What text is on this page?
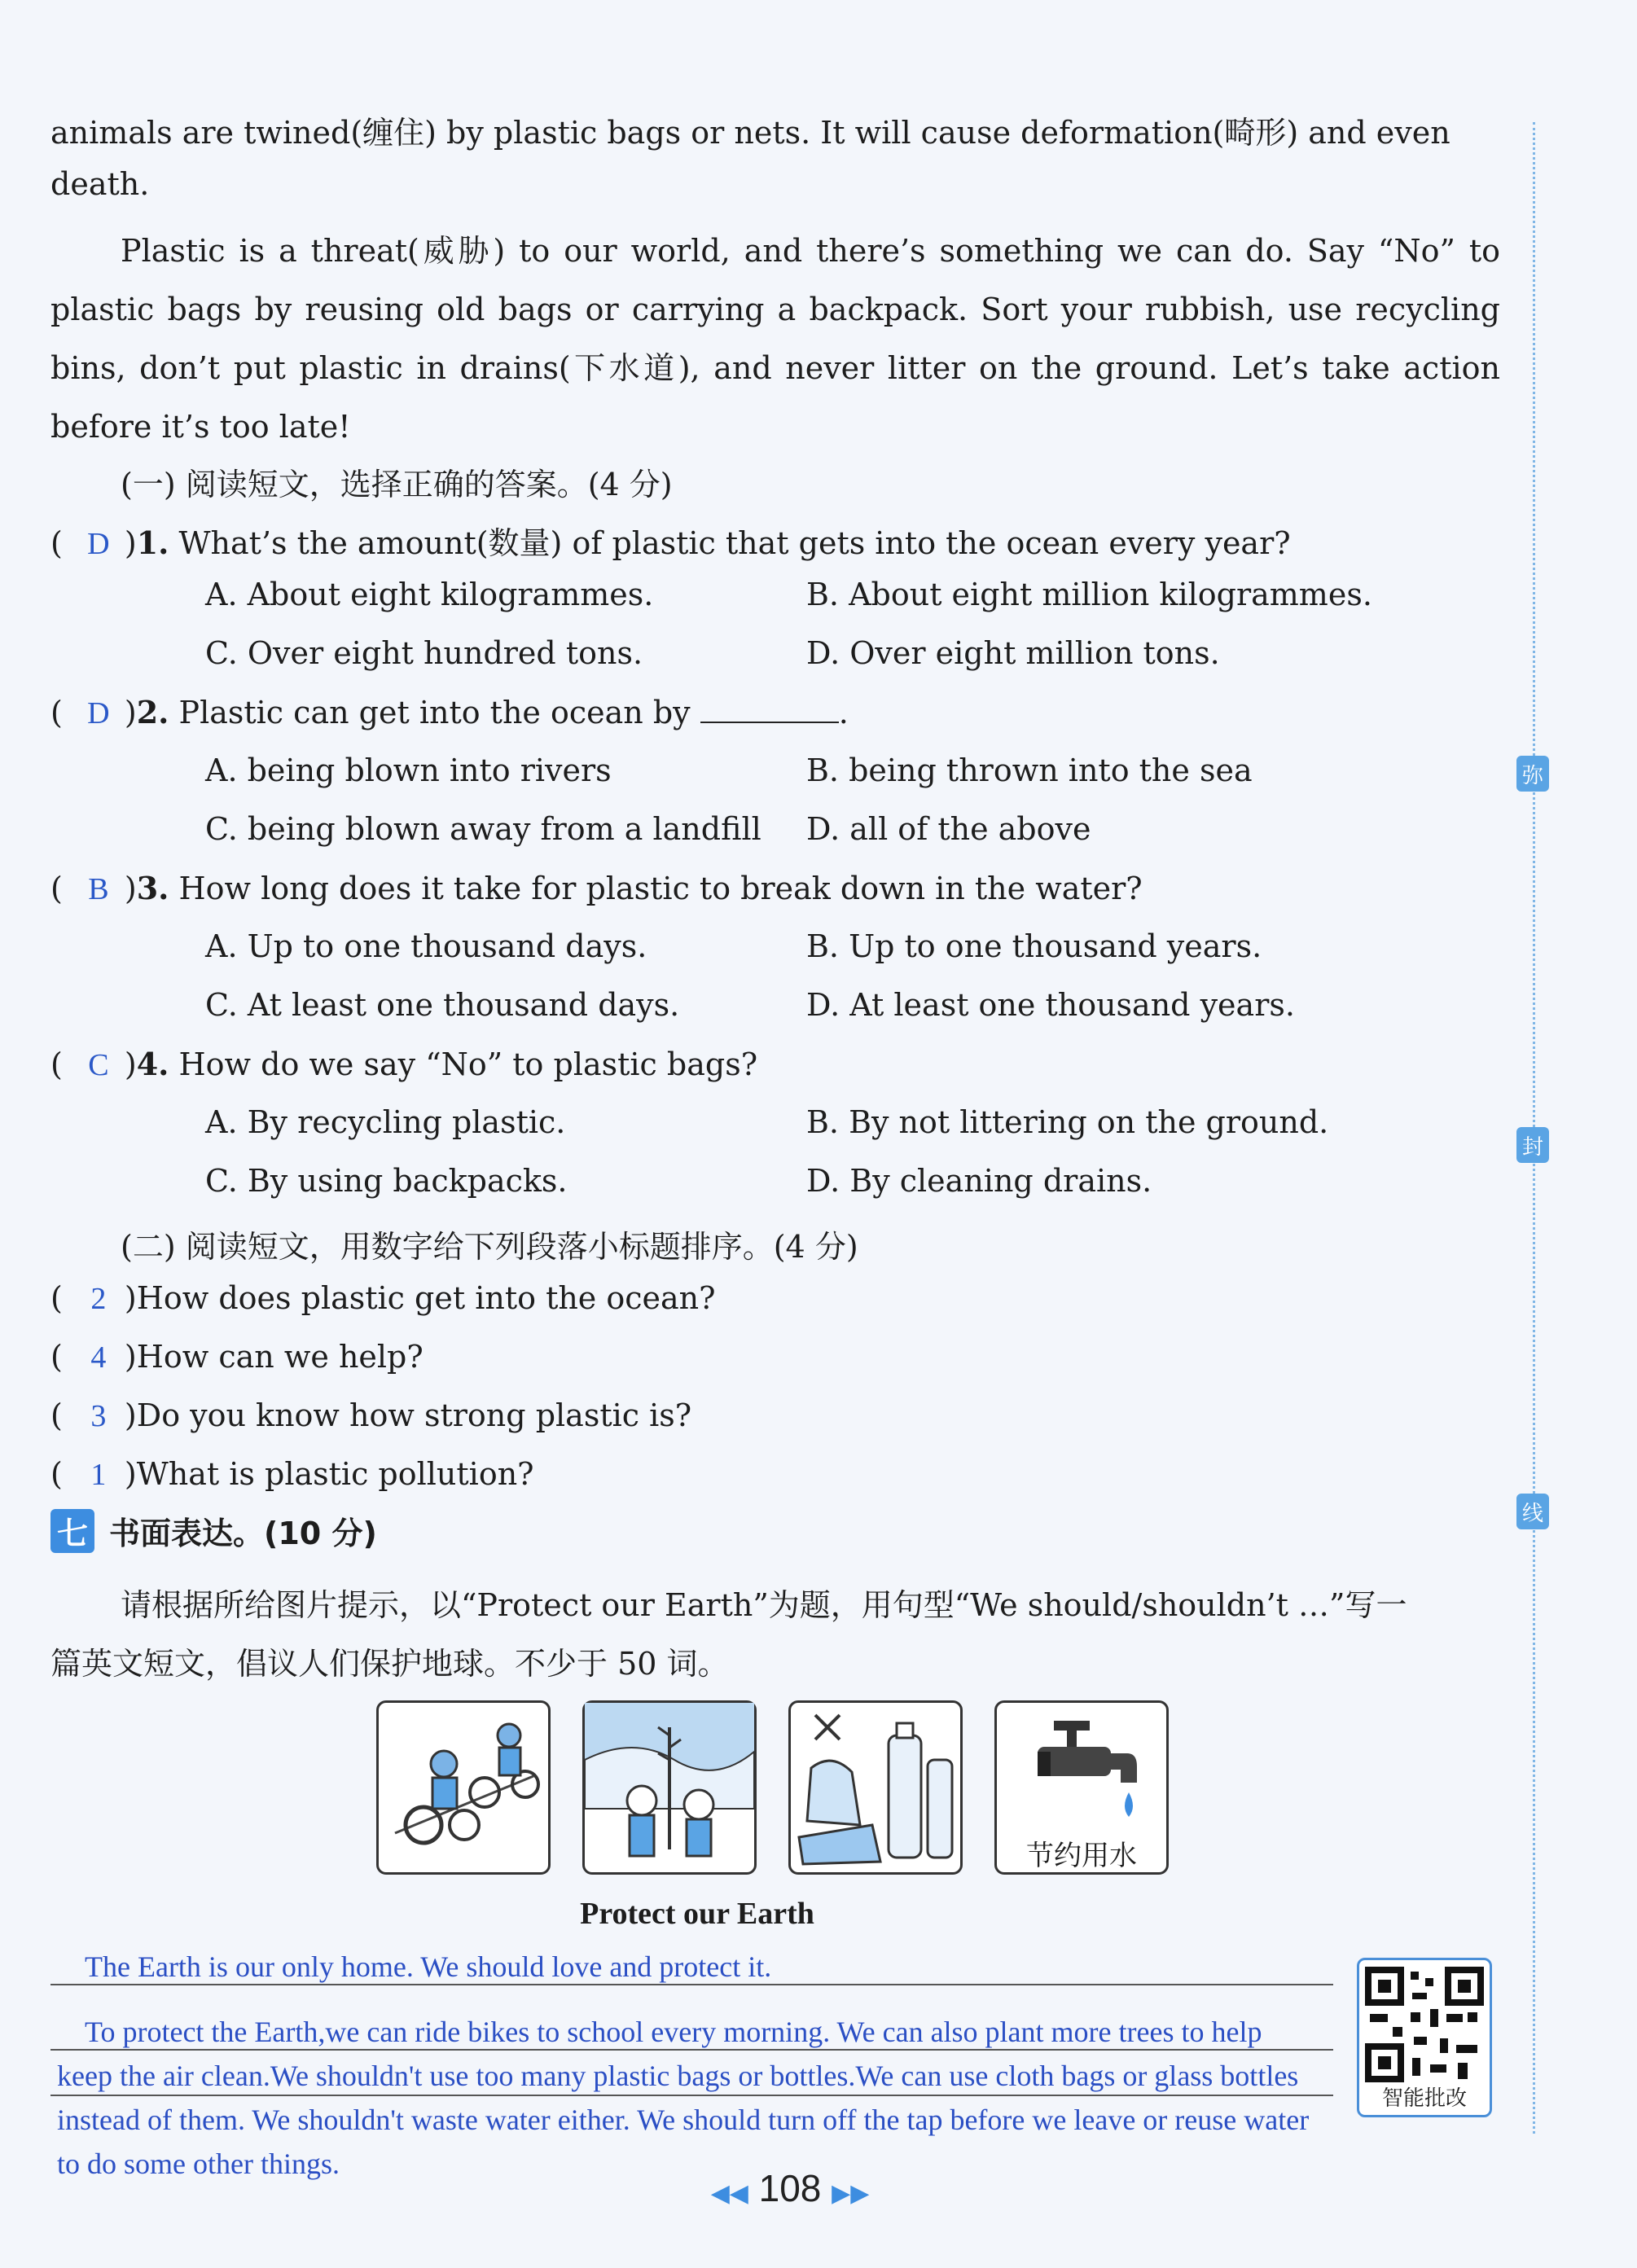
animals are twined(缠住) by plastic bags or nets. It will cause deformation(畸形) and even
death.
Plastic is a threat(威胁) to our world, and there’s something we can do. Say “No” to plastic bags by reusing old bags or carrying a backpack. Sort your rubbish, use recycling bins, don’t put plastic in drains(下水道), and never litter on the ground. Let’s take action before it’s too late!
(一) 阅读短文，选择正确的答案。(4 分)
( D )1. What’s the amount(数量) of plastic that gets into the ocean every year?
A. About eight kilogrammes.	B. About eight million kilogrammes.
C. Over eight hundred tons.	D. Over eight million tons.
( D )2. Plastic can get into the ocean by	.
A. being blown into rivers	B. being thrown into the sea
C. being blown away from a landfill D. all of the above
( B )3. How long does it take for plastic to break down in the water?
A. Up to one thousand days.	B. Up to one thousand years.
C. At least one thousand days.	D. At least one thousand years.
( C )4. How do we say “No” to plastic bags?
A. By recycling plastic.	B. By not littering on the ground.
C. By using backpacks.	D. By cleaning drains.
(二) 阅读短文，用数字给下列段落小标题排序。(4 分)
( 2 )How does plastic get into the ocean?
( 4 )How can we help?
( 3 )Do you know how strong plastic is?
( 1 )What is plastic pollution?
七 书面表达。(10 分)
请根据所给图片提示，以“Protect our Earth”为题，用句型“We should/shouldn’t …”写一
篇英文短文，倡议人们保护地球。不少于 50 词。
节约用水
Protect our Earth
The Earth is our only home. We should love and protect it.
To protect the Earth,we can ride bikes to school every morning. We can also plant more trees to help
keep the air clean.We shouldn't use too many plastic bags or bottles.We can use cloth bags or glass bottles
instead of them. We shouldn't waste water either. We should turn off the tap before we leave or reuse water
to do some other things.
弥
封
线
智能批改
◀◀ 108 ▶▶
